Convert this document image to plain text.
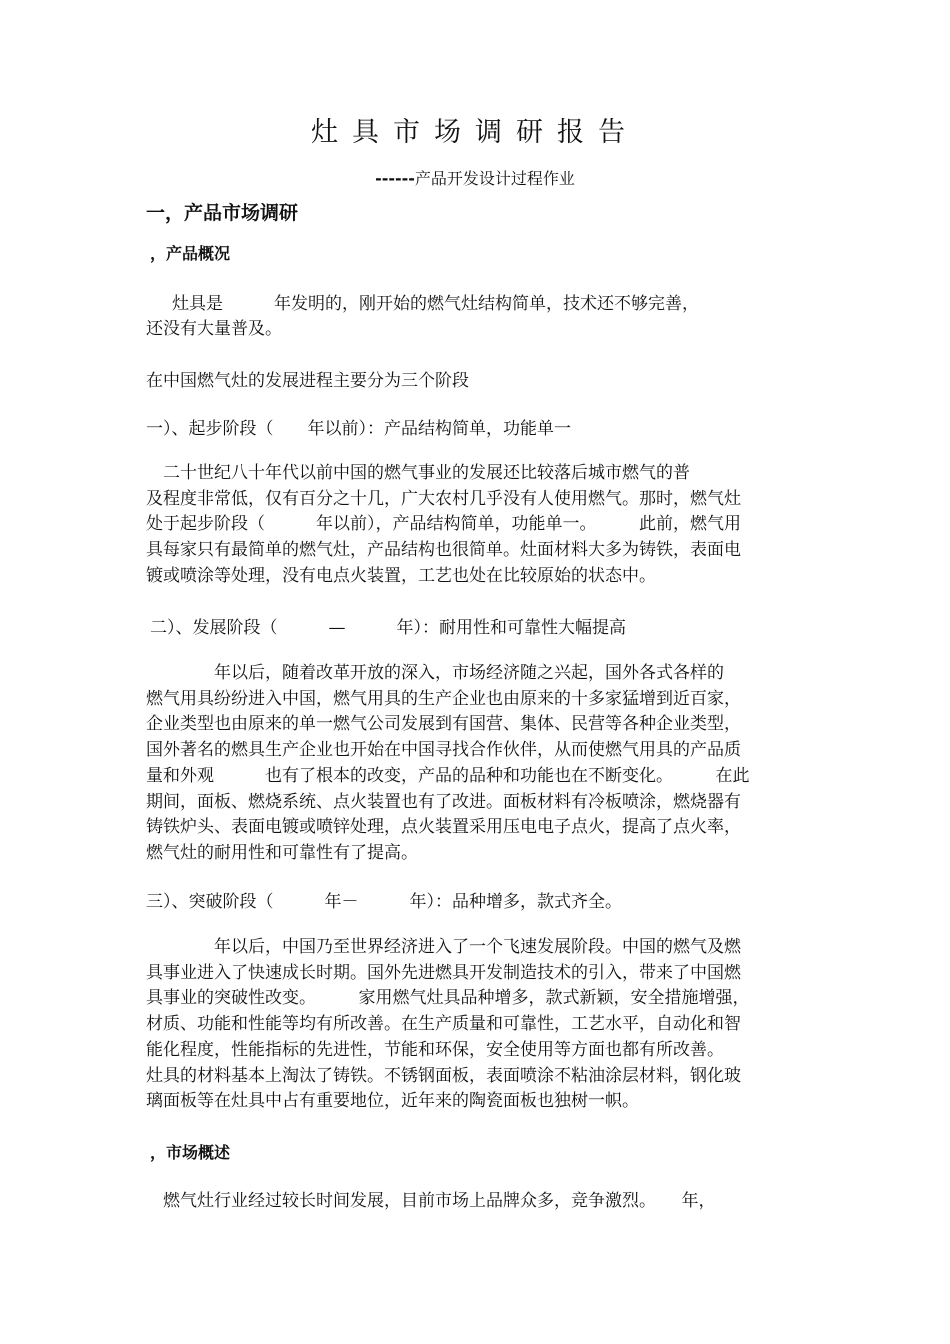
灶具市场调研报告
------产品开发设计过程作业
一，产品市场调研
，产品概况
灶具是　　　年发明的，刚开始的燃气灶结构简单，技术还不够完善，
还没有大量普及。
在中国燃气灶的发展进程主要分为三个阶段
一）、起步阶段（　　年以前）：产品结构简单，功能单一

　二十世纪八十年代以前中国的燃气事业的发展还比较落后城市燃气的普

及程度非常低，仅有百分之十几，广大农村几乎没有人使用燃气。那时，燃气灶

处于起步阶段（　　　年以前），产品结构简单，功能单一。　　　此前，燃气用

具每家只有最简单的燃气灶，产品结构也很简单。灶面材料大多为铸铁，表面电

镀或喷涂等处理，没有电点火装置，工艺也处在比较原始的状态中。

二）、发展阶段（　　　—　　　年）：耐用性和可靠性大幅提高

　　　　年以后，随着改革开放的深入，市场经济随之兴起，国外各式各样的

燃气用具纷纷进入中国，燃气用具的生产企业也由原来的十多家猛增到近百家，

企业类型也由原来的单一燃气公司发展到有国营、集体、民营等各种企业类型，

国外著名的燃具生产企业也开始在中国寻找合作伙伴，从而使燃气用具的产品质

量和外观　　　也有了根本的改变，产品的品种和功能也在不断变化。　　　在此

期间，面板、燃烧系统、点火装置也有了改进。面板材料有冷板喷涂，燃烧器有

铸铁炉头、表面电镀或喷锌处理，点火装置采用压电电子点火，提高了点火率，

燃气灶的耐用性和可靠性有了提高。

三）、突破阶段（　　　年－　　　年）：品种增多，款式齐全。

　　　　年以后，中国乃至世界经济进入了一个飞速发展阶段。中国的燃气及燃

具事业进入了快速成长时期。国外先进燃具开发制造技术的引入，带来了中国燃

具事业的突破性改变。　　　家用燃气灶具品种增多，款式新颖，安全措施增强，

材质、功能和性能等均有所改善。在生产质量和可靠性，工艺水平，自动化和智

能化程度，性能指标的先进性，节能和环保，安全使用等方面也都有所改善。

灶具的材料基本上淘汰了铸铁。不锈钢面板，表面喷涂不粘油涂层材料，钢化玻

璃面板等在灶具中占有重要地位，近年来的陶瓷面板也独树一帜。

，市场概述
　燃气灶行业经过较长时间发展，目前市场上品牌众多，竞争激烈。　　年，
